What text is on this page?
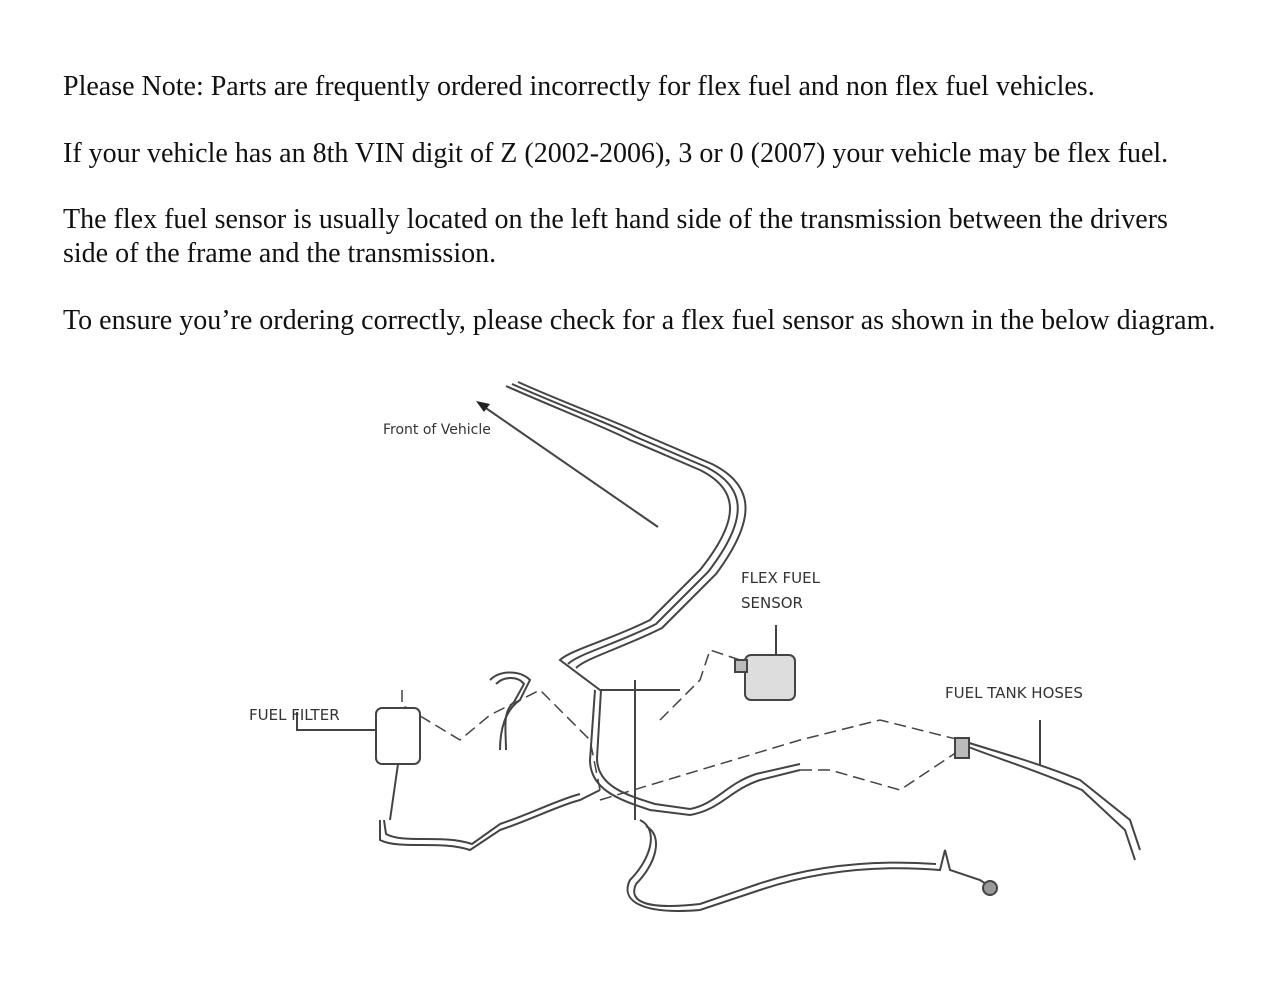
Please Note: Parts are frequently ordered incorrectly for flex fuel and non flex fuel vehicles.

If your vehicle has an 8th VIN digit of Z (2002-2006), 3 or 0 (2007) your vehicle may be flex fuel.

The flex fuel sensor is usually located on the left hand side of the transmission between the drivers

side of the frame and the transmission.

To ensure you’re ordering correctly, please check for a flex fuel sensor as shown in the below diagram.

Front of Vehicle
FLEX FUEL
SENSOR
FUEL TANK HOSES
FUEL FILTER
